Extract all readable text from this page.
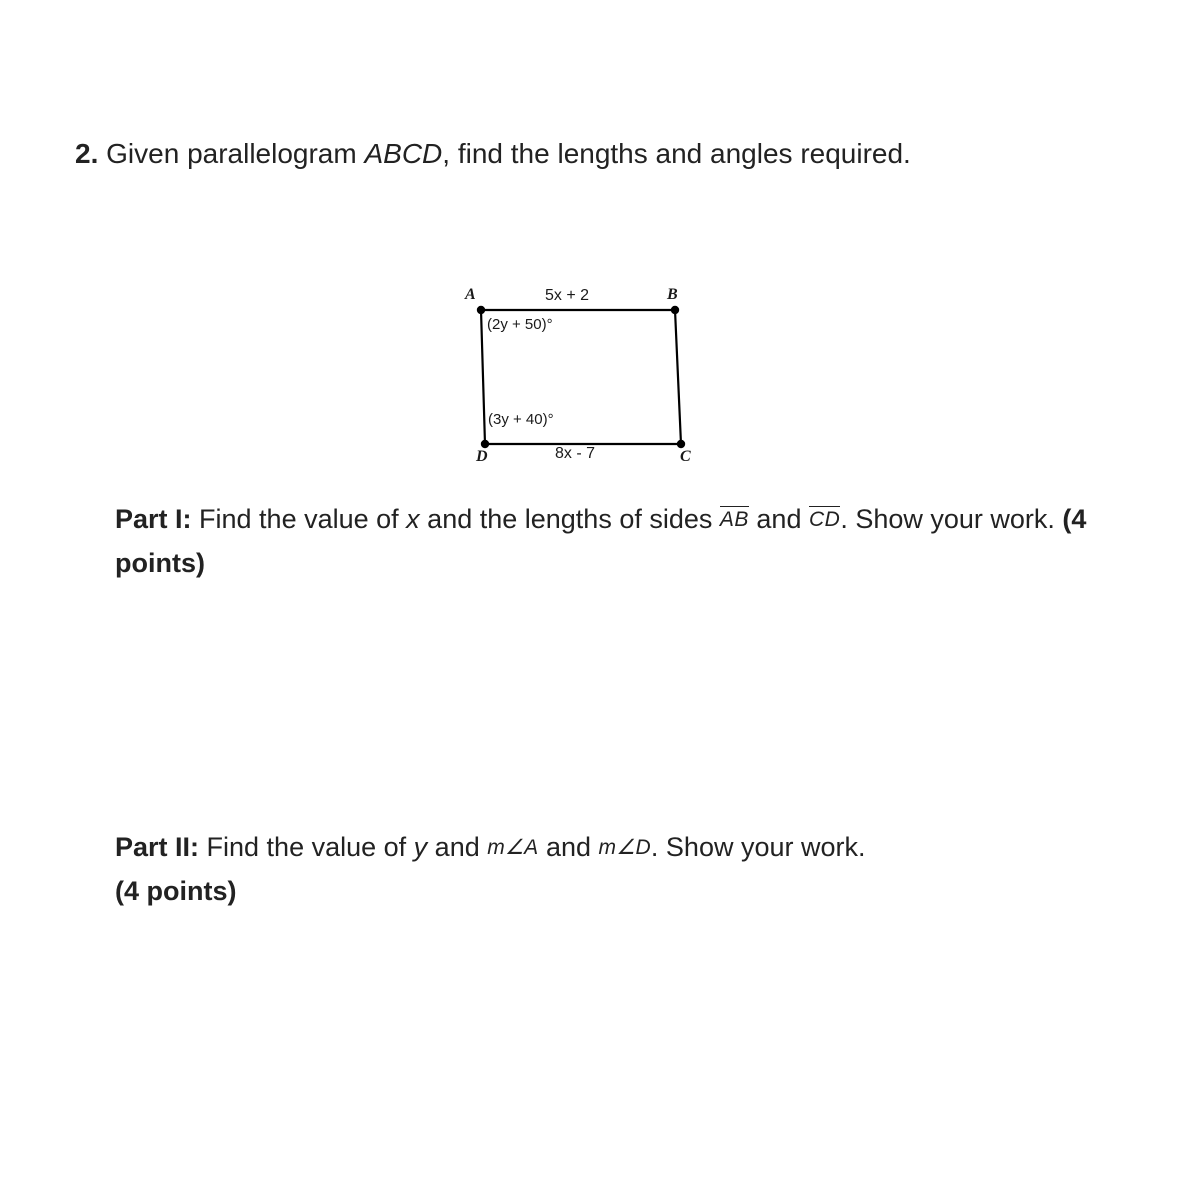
2. Given parallelogram ABCD, find the lengths and angles required.
A	B
C
D
5x + 2
8x - 7
(2y + 50)°
(3y + 40)°
Part I: Find the value of x and the lengths of sides AB and CD. Show your work. (4 points)
Part II: Find the value of y and m∠A and m∠D. Show your work.
(4 points)
